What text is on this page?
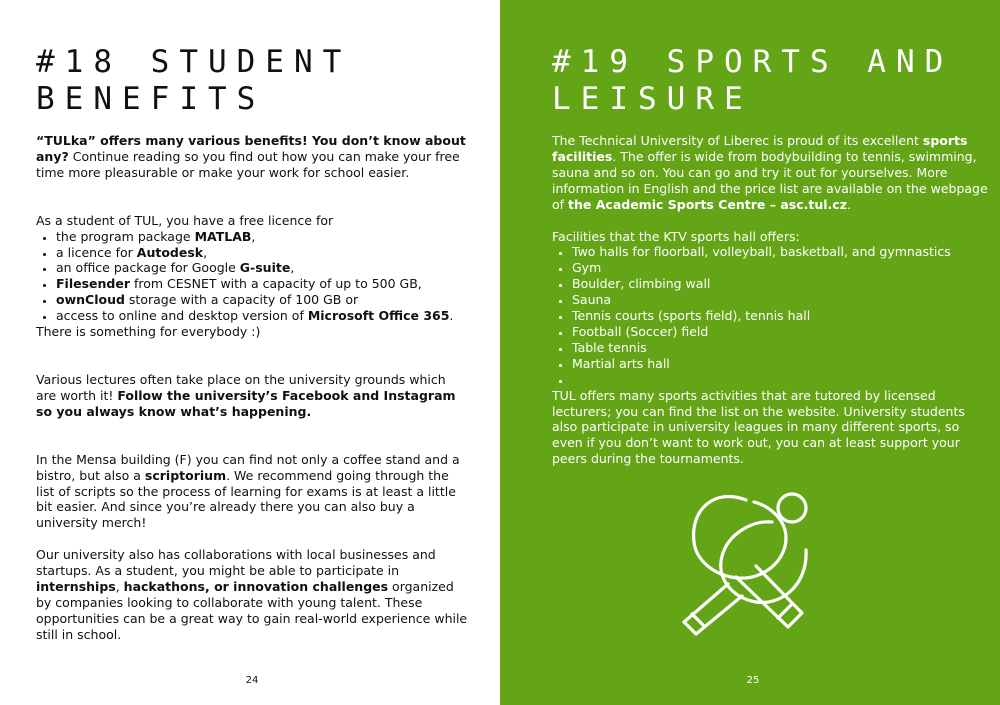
#18 STUDENT BENEFITS

“TULka” offers many various benefits! You don’t know about any? Continue reading so you find out how you can make your free time more pleasurable or make your work for school easier.

As a student of TUL, you have a free licence for

• the program package MATLAB,
• a licence for Autodesk,
• an office package for Google G-suite,
• Filesender from CESNET with a capacity of up to 500 GB,
• ownCloud storage with a capacity of 100 GB or
• access to online and desktop version of Microsoft Office 365.

There is something for everybody :)

Various lectures often take place on the university grounds which are worth it! Follow the university’s Facebook and Instagram so you always know what’s happening.

In the Mensa building (F) you can find not only a coffee stand and a bistro, but also a scriptorium. We recommend going through the list of scripts so the process of learning for exams is at least a little bit easier. And since you’re already there you can also buy a university merch!

Our university also has collaborations with local businesses and startups. As a student, you might be able to participate in internships, hackathons, or innovation challenges organized by companies looking to collaborate with young talent. These opportunities can be a great way to gain real-world experience while still in school.

24
#19 SPORTS AND LEISURE

The Technical University of Liberec is proud of its excellent sports facilities. The offer is wide from bodybuilding to tennis, swimming, sauna and so on. You can go and try it out for yourselves. More information in English and the price list are available on the webpage of the Academic Sports Centre – asc.tul.cz.

Facilities that the KTV sports hall offers:

• Two halls for floorball, volleyball, basketball, and gymnastics
• Gym
• Boulder, climbing wall
• Sauna
• Tennis courts (sports field), tennis hall
• Football (Soccer) field
• Table tennis
• Martial arts hall
•

TUL offers many sports activities that are tutored by licensed lecturers; you can find the list on the website. University students also participate in university leagues in many different sports, so even if you don’t want to work out, you can at least support your peers during the tournaments.

25
